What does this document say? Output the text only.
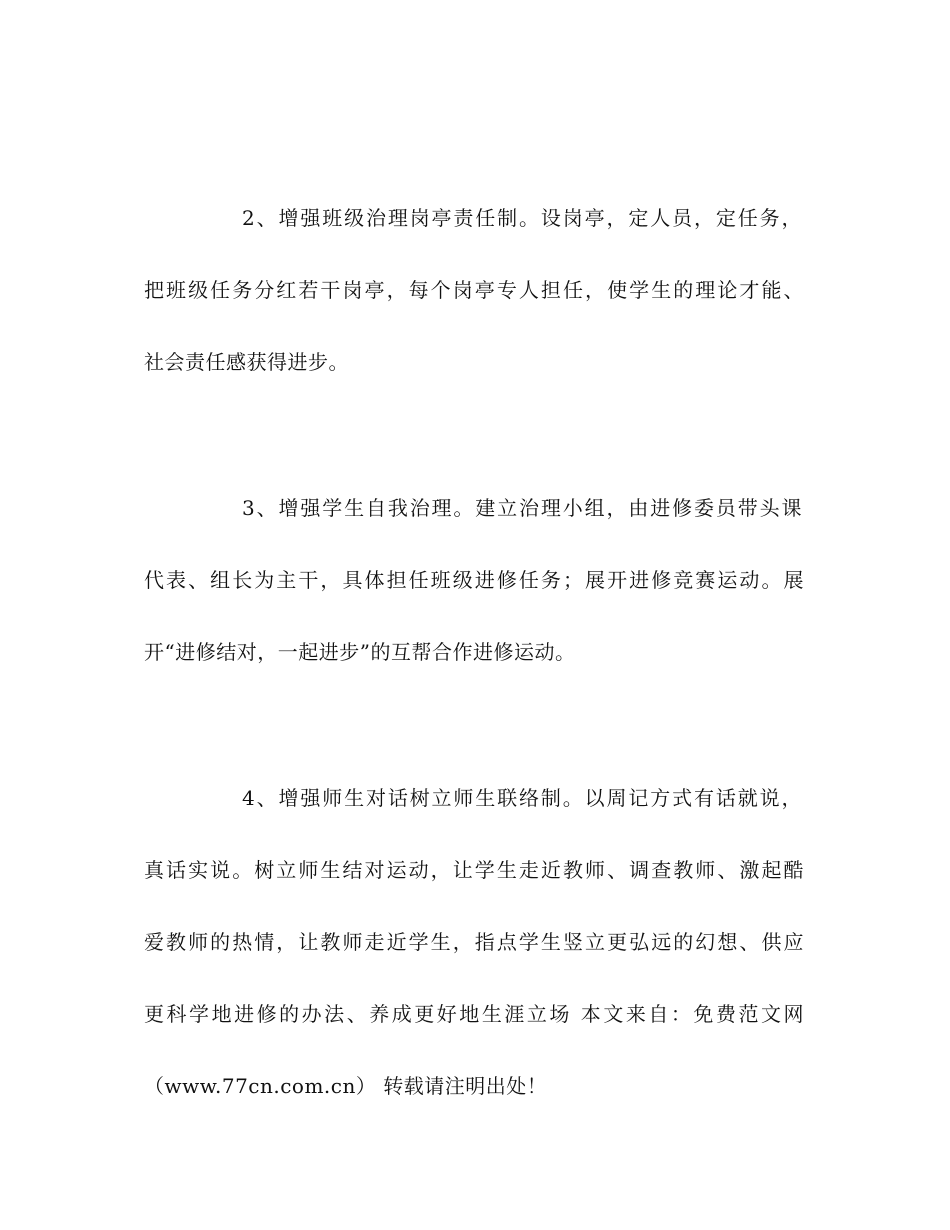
2、增强班级治理岗亭责任制。设岗亭，定人员，定任务，
把班级任务分红若干岗亭，每个岗亭专人担任，使学生的理论才能、
社会责任感获得进步。
3、增强学生自我治理。建立治理小组，由进修委员带头课
代表、组长为主干，具体担任班级进修任务；展开进修竞赛运动。展
开“进修结对，一起进步”的互帮合作进修运动。
4、增强师生对话树立师生联络制。以周记方式有话就说，
真话实说。树立师生结对运动，让学生走近教师、调查教师、激起酷
爱教师的热情，让教师走近学生，指点学生竖立更弘远的幻想、供应
更科学地进修的办法、养成更好地生涯立场 本文来自：免费范文网
（www.77cn.com.cn） 转载请注明出处！
